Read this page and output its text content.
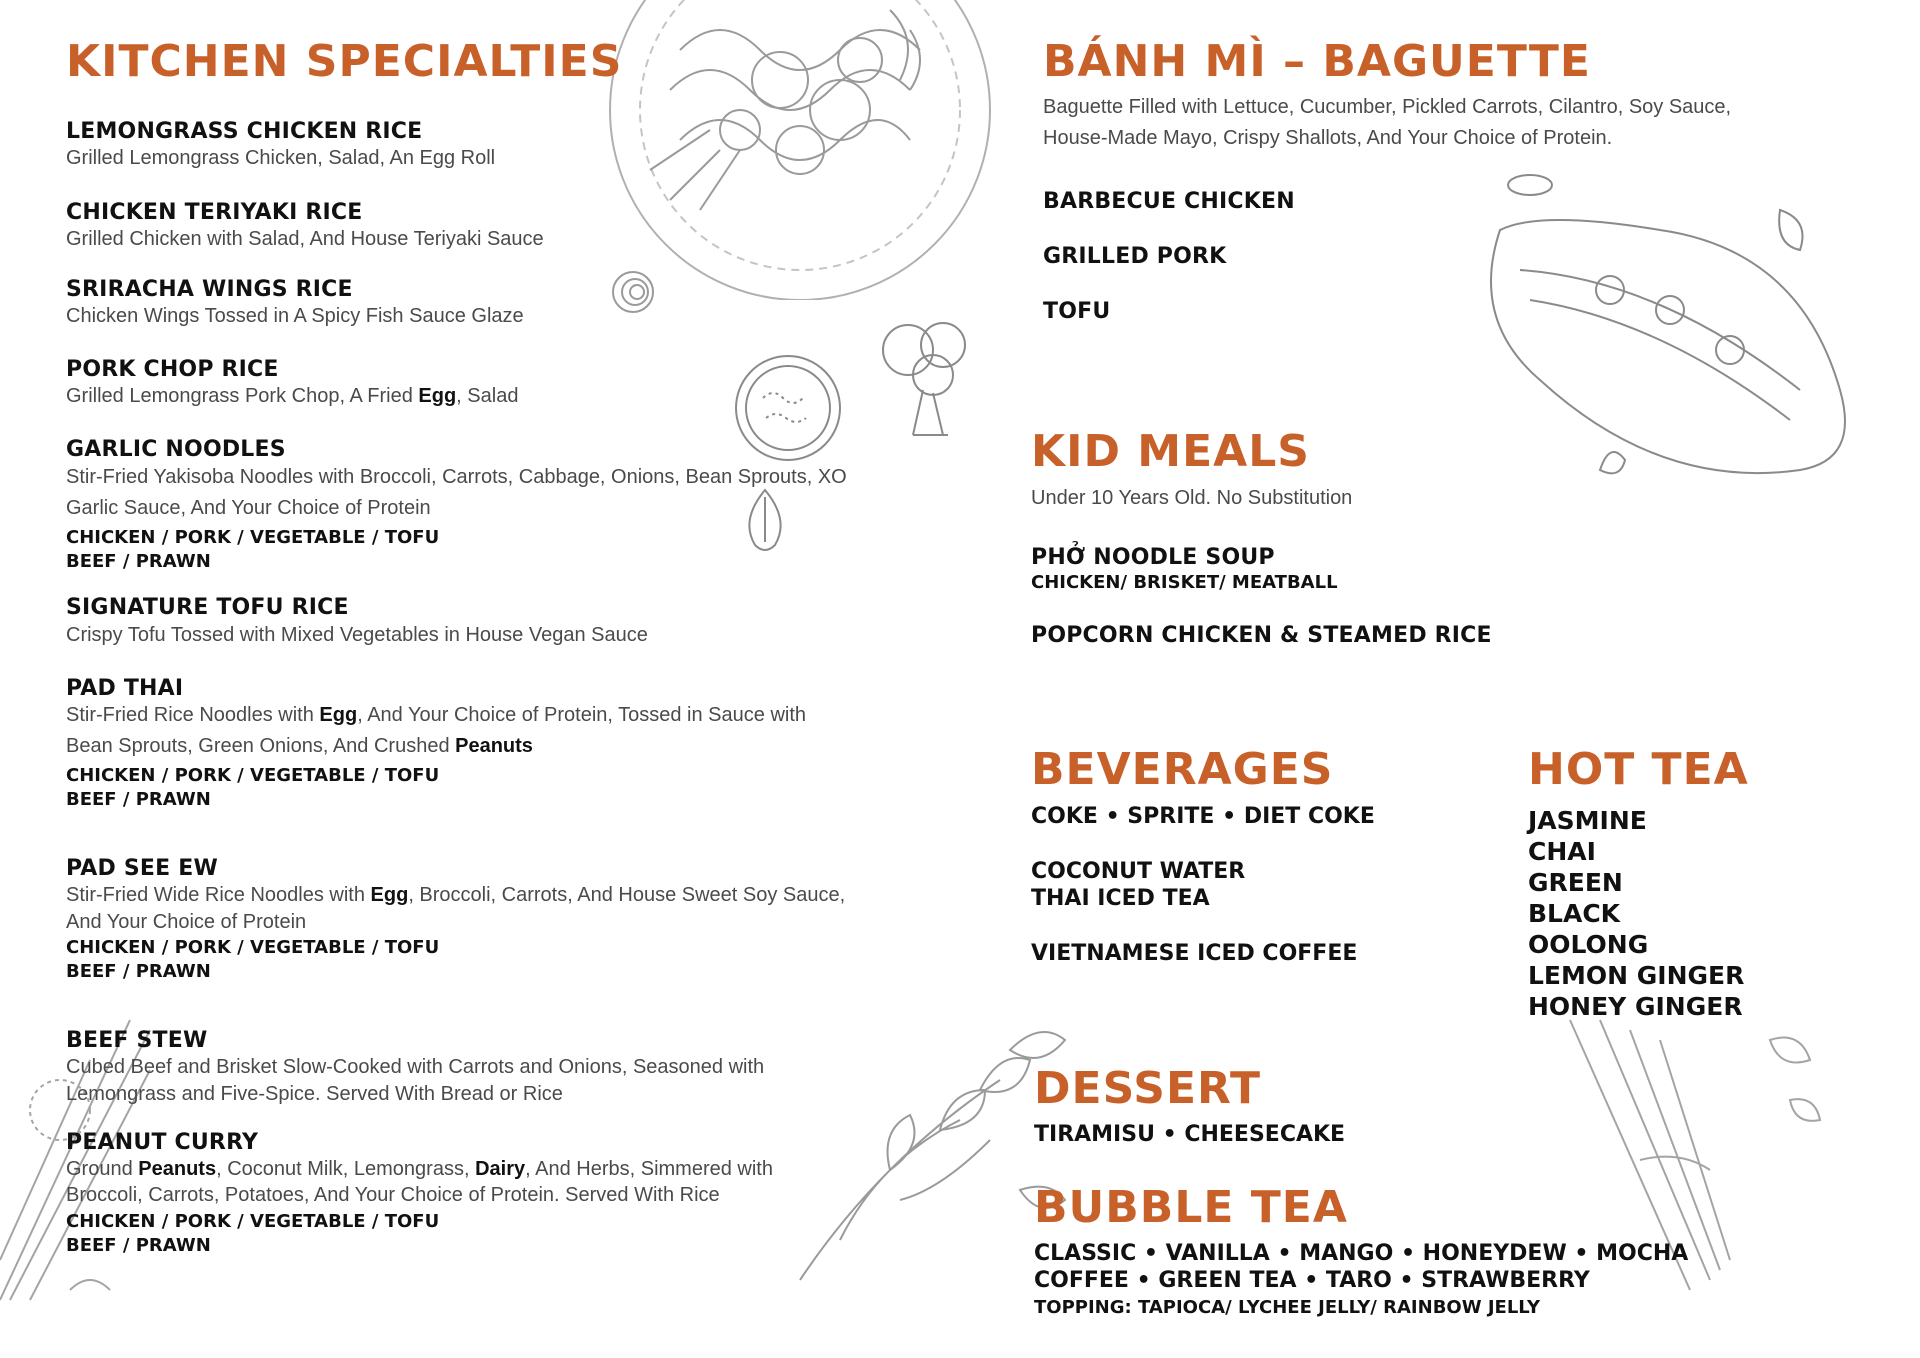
KITCHEN SPECIALTIES
LEMONGRASS CHICKEN RICE
Grilled Lemongrass Chicken, Salad, An Egg Roll
CHICKEN TERIYAKI RICE
Grilled Chicken with Salad, And House Teriyaki Sauce
SRIRACHA WINGS RICE
Chicken Wings Tossed in A Spicy Fish Sauce Glaze
PORK CHOP RICE
Grilled Lemongrass Pork Chop, A Fried Egg, Salad
GARLIC NOODLES
Stir-Fried Yakisoba Noodles with Broccoli, Carrots, Cabbage, Onions, Bean Sprouts, XO
Garlic Sauce, And Your Choice of Protein
CHICKEN / PORK / VEGETABLE / TOFU
BEEF / PRAWN
SIGNATURE TOFU RICE
Crispy Tofu Tossed with Mixed Vegetables in House Vegan Sauce
PAD THAI
Stir-Fried Rice Noodles with Egg, And Your Choice of Protein, Tossed in Sauce with
Bean Sprouts, Green Onions, And Crushed Peanuts
CHICKEN / PORK / VEGETABLE / TOFU
BEEF / PRAWN
PAD SEE EW
Stir-Fried Wide Rice Noodles with Egg, Broccoli, Carrots, And House Sweet Soy Sauce,
And Your Choice of Protein
CHICKEN / PORK / VEGETABLE / TOFU
BEEF / PRAWN
BEEF STEW
Cubed Beef and Brisket Slow-Cooked with Carrots and Onions, Seasoned with
Lemongrass and Five-Spice. Served With Bread or Rice
PEANUT CURRY
Ground Peanuts, Coconut Milk, Lemongrass, Dairy, And Herbs, Simmered with
Broccoli, Carrots, Potatoes, And Your Choice of Protein. Served With Rice
CHICKEN / PORK / VEGETABLE / TOFU
BEEF / PRAWN
BÁNH MÌ – BAGUETTE
Baguette Filled with Lettuce, Cucumber, Pickled Carrots, Cilantro, Soy Sauce,
House-Made Mayo, Crispy Shallots, And Your Choice of Protein.
BARBECUE CHICKEN
GRILLED PORK
TOFU
KID MEALS
Under 10 Years Old. No Substitution
PHỞ NOODLE SOUP
CHICKEN/ BRISKET/ MEATBALL
POPCORN CHICKEN & STEAMED RICE
BEVERAGES
COKE • SPRITE • DIET COKE
COCONUT WATER
THAI ICED TEA
VIETNAMESE ICED COFFEE
HOT TEA
JASMINE
CHAI
GREEN
BLACK
OOLONG
LEMON GINGER
HONEY GINGER
DESSERT
TIRAMISU • CHEESECAKE
BUBBLE TEA
CLASSIC • VANILLA • MANGO • HONEYDEW • MOCHA
COFFEE • GREEN TEA • TARO • STRAWBERRY
TOPPING: TAPIOCA/ LYCHEE JELLY/ RAINBOW JELLY
